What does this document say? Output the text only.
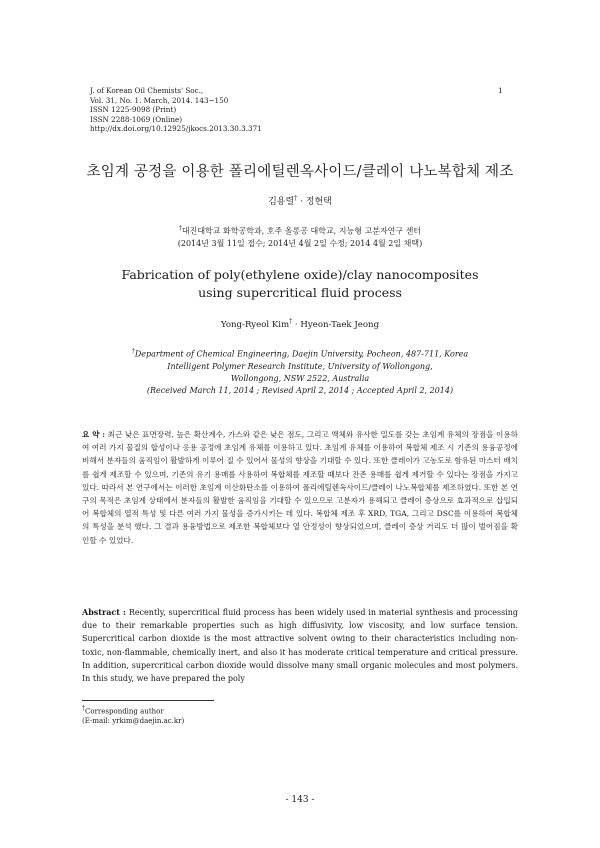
J. of Korean Oil Chemists' Soc.,
Vol. 31, No. 1. March, 2014. 143~150
ISSN 1225-9098 (Print)
ISSN 2288-1069 (Online)
http://dx.doi.org/10.12925/jkocs.2013.30.3.371
1
초임계 공정을 이용한 폴리에틸렌옥사이드/클레이 나노복합체 제조
김용렬† · 정현택
†대진대학교 화학공학과, 호주 올롱공 대학교, 지능형 고분자연구 센터
(2014년 3월 11일 접수; 2014년 4월 2일 수정; 2014 4월 2일 채택)
Fabrication of poly(ethylene oxide)/clay nanocomposites
using supercritical fluid process
Yong-Ryeol Kim† · Hyeon-Taek Jeong
†Department of Chemical Engineering, Daejin University, Pocheon, 487-711, Korea
Intelligent Polymer Research Institute, University of Wollongong,
Wollongong, NSW 2522, Australia
(Received March 11, 2014 ; Revised April 2, 2014 ; Accepted April 2, 2014)
요 약 : 최근 낮은 표면장력, 높은 확산계수, 가스와 같은 낮은 점도, 그리고 액체와 유사한 밀도를 갖는 초임계 유체의 장점을 이용하여 여러 가지 물질의 합성이나 응용 공정에 초임계 유체를 이용하고 있다. 초임계 유체를 이용하여 복합체 제조 시 기존의 용융공정에 비해서 분자들의 움직임이 활발하게 이루어 질 수 있어서 물성의 향상을 기대할 수 있다. 또한 클레이가 고농도로 함유된 마스터 배치를 쉽게 제조할 수 있으며, 기존의 유기 용매를 사용하여 복합체를 제조할 때보다 잔존 용매를 쉽게 제거할 수 있다는 장점을 가지고 있다. 따라서 본 연구에서는 이러한 초임계 이산화탄소를 이용하여 폴리에틸렌옥사이드/클레이 나노복합체를 제조하였다. 또한 본 연구의 목적은 초임계 상태에서 분자들의 활발한 움직임을 기대할 수 있으므로 고분자가 용해되고 클레이 층상으로 효과적으로 삽입되어 복합체의 열적 특성 및 다른 여러 가지 물성을 증가시키는 데 있다. 복합체 제조 후 XRD, TGA, 그리고 DSC를 이용하여 복합체의 특성을 분석 했다. 그 결과 용융방법으로 제조한 복합체보다 열 안정성이 향상되었으며, 클레이 층상 거리도 더 많이 벌어짐을 확인할 수 있었다.
Abstract : Recently, supercritical fluid process has been widely used in material synthesis and processing due to their remarkable properties such as high diffusivity, low viscosity, and low surface tension. Supercritical carbon dioxide is the most attractive solvent owing to their characteristics including non-toxic, non-flammable, chemically inert, and also it has moderate critical temperature and critical pressure. In addition, supercritical carbon dioxide would dissolve many small organic molecules and most polymers. In this study, we have prepared the poly
†Corresponding author
(E-mail: yrkim@daejin.ac.kr)
- 143 -
